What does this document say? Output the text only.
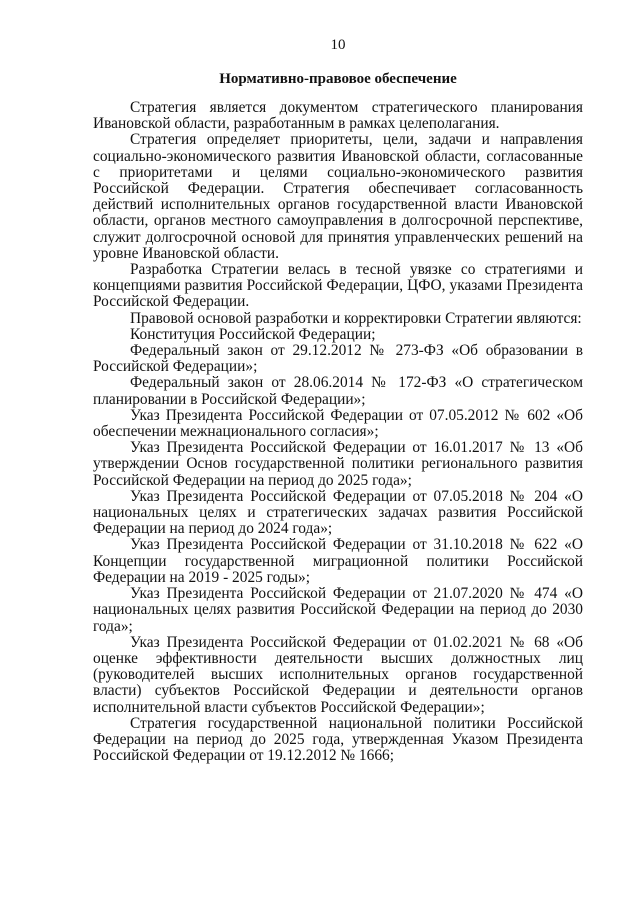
10
Нормативно-правовое обеспечение

Стратегия является документом стратегического планирования Ивановской области, разработанным в рамках целеполагания.

Стратегия определяет приоритеты, цели, задачи и направления социально-экономического развития Ивановской области, согласованные с приоритетами и целями социально-экономического развития Российской Федерации. Стратегия обеспечивает согласованность действий исполнительных органов государственной власти Ивановской области, органов местного самоуправления в долгосрочной перспективе, служит долгосрочной основой для принятия управленческих решений на уровне Ивановской области.

Разработка Стратегии велась в тесной увязке со стратегиями и концепциями развития Российской Федерации, ЦФО, указами Президента Российской Федерации.

Правовой основой разработки и корректировки Стратегии являются:

Конституция Российской Федерации;

Федеральный закон от 29.12.2012 № 273-ФЗ «Об образовании в Российской Федерации»;

Федеральный закон от 28.06.2014 № 172-ФЗ «О стратегическом планировании в Российской Федерации»;

Указ Президента Российской Федерации от 07.05.2012 № 602 «Об обеспечении межнационального согласия»;

Указ Президента Российской Федерации от 16.01.2017 № 13 «Об утверждении Основ государственной политики регионального развития Российской Федерации на период до 2025 года»;

Указ Президента Российской Федерации от 07.05.2018 № 204 «О национальных целях и стратегических задачах развития Российской Федерации на период до 2024 года»;

Указ Президента Российской Федерации от 31.10.2018 № 622 «О Концепции государственной миграционной политики Российской Федерации на 2019 - 2025 годы»;

Указ Президента Российской Федерации от 21.07.2020 № 474 «О национальных целях развития Российской Федерации на период до 2030 года»;

Указ Президента Российской Федерации от 01.02.2021 № 68 «Об оценке эффективности деятельности высших должностных лиц (руководителей высших исполнительных органов государственной власти) субъектов Российской Федерации и деятельности органов исполнительной власти субъектов Российской Федерации»;

Стратегия государственной национальной политики Российской Федерации на период до 2025 года, утвержденная Указом Президента Российской Федерации от 19.12.2012 № 1666;
